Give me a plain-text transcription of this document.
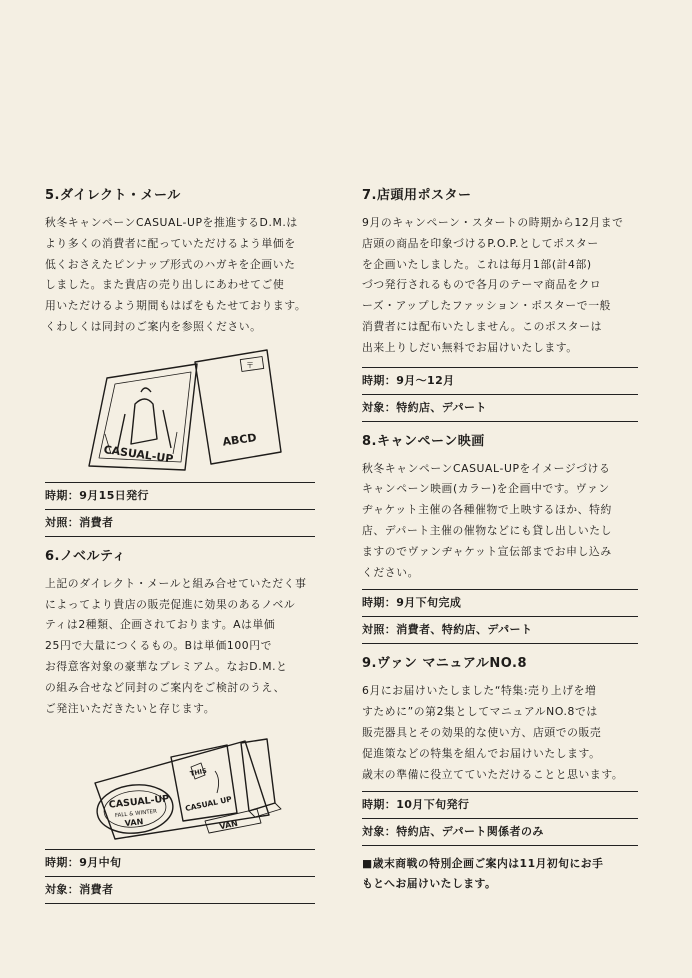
5.ダイレクト・メール

秋冬キャンペーンCASUAL-UPを推進するD.M.は
より多くの消費者に配っていただけるよう単価を
低くおさえたピンナップ形式のハガキを企画いた
しました。また貴店の売り出しにあわせてご使
用いただけるよう期間もはばをもたせております。
くわしくは同封のご案内を参照ください。

CASUAL-UP
ABCD
〒
時期：9月15日発行
対照：消費者
6.ノベルティ

上記のダイレクト・メールと組み合せていただく事
によってより貴店の販売促進に効果のあるノベル
ティは2種類、企画されております。Aは単価
25円で大量につくるもの。Bは単価100円で
お得意客対象の豪華なプレミアム。なおD.M.と
の組み合せなど同封のご案内をご検討のうえ、
ご発注いただきたいと存じます。

CASUAL-UP
FALL & WINTER
VAN
THIS
CASUAL UP
VAN
時期：9月中旬
対象：消費者
7.店頭用ポスター

9月のキャンペーン・スタートの時期から12月まで
店頭の商品を印象づけるP.O.P.としてポスター
を企画いたしました。これは毎月1部(計4部)
づつ発行されるもので各月のテーマ商品をクロ
ーズ・アップしたファッション・ポスターで一般
消費者には配布いたしません。このポスターは
出来上りしだい無料でお届けいたします。

時期：9月～12月
対象：特約店、デパート
8.キャンペーン映画

秋冬キャンペーンCASUAL-UPをイメージづける
キャンペーン映画(カラー)を企画中です。ヴァン
ヂャケット主催の各種催物で上映するほか、特約
店、デパート主催の催物などにも貸し出しいたし
ますのでヴァンヂャケット宣伝部までお申し込み
ください。

時期：9月下旬完成
対照：消費者、特約店、デパート
9.ヴァン マニュアルNO.8

6月にお届けいたしました“特集:売り上げを増
すために”の第2集としてマニュアルNO.8では
販売器具とその効果的な使い方、店頭での販売
促進策などの特集を組んでお届けいたします。
歳末の準備に役立てていただけることと思います。

時期：10月下旬発行
対象：特約店、デパート関係者のみ

■歳末商戦の特別企画ご案内は11月初旬にお手
もとへお届けいたします。
